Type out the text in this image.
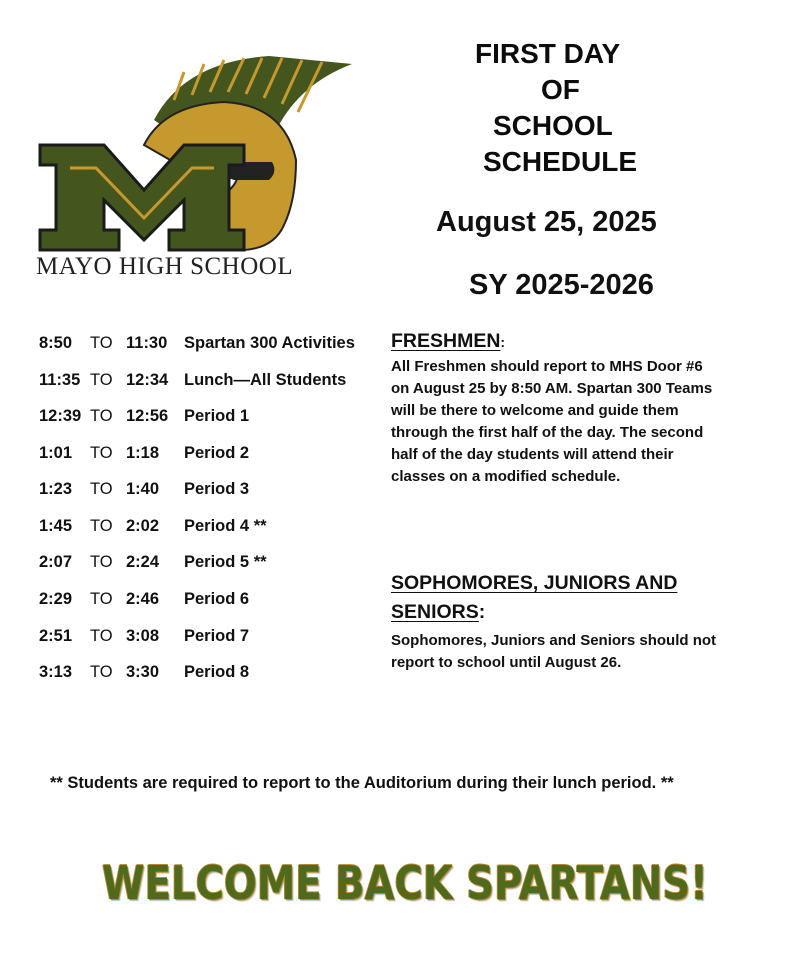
MAYO HIGH SCHOOL
FIRST DAY
OF
SCHOOL
SCHEDULE
August 25, 2025
SY 2025-2026
8:50 TO 11:30 Spartan 300 Activities
11:35 TO 12:34 Lunch—All Students
12:39 TO 12:56 Period 1
1:01 TO 1:18 Period 2
1:23 TO 1:40 Period 3
1:45 TO 2:02 Period 4 **
2:07 TO 2:24 Period 5 **
2:29 TO 2:46 Period 6
2:51 TO 3:08 Period 7
3:13 TO 3:30 Period 8
FRESHMEN:
All Freshmen should report to MHS Door #6
on August 25 by 8:50 AM. Spartan 300 Teams
will be there to welcome and guide them
through the first half of the day. The second
half of the day students will attend their
classes on a modified schedule.
SOPHOMORES, JUNIORS AND
SENIORS:
Sophomores, Juniors and Seniors should not
report to school until August 26.
** Students are required to report to the Auditorium during their lunch period. **
WELCOME BACK SPARTANS!
